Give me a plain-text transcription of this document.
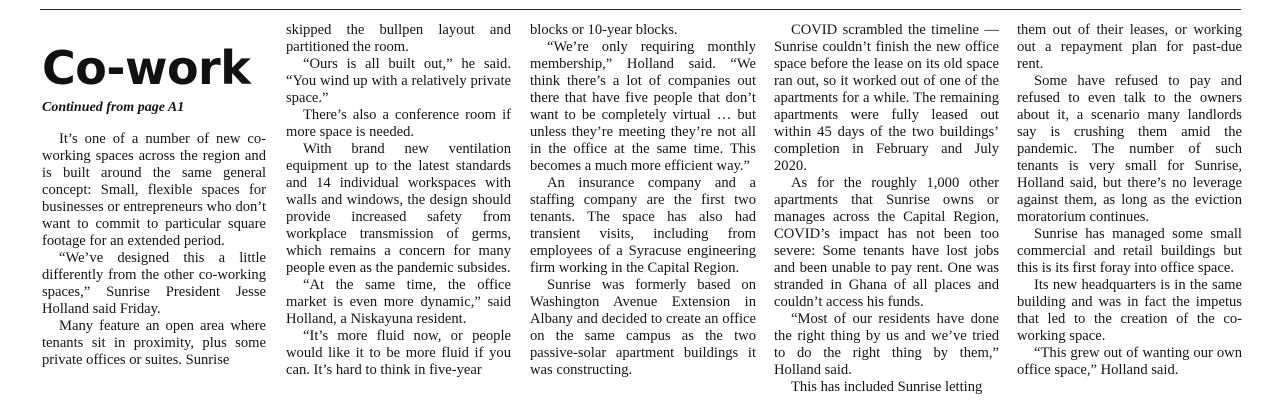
Co-work
Continued from page A1

It’s one of a number of new co-working spaces across the region and is built around the same general concept: Small, flexible spaces for businesses or entrepreneurs who don’t want to commit to particular square footage for an extended period.

“We’ve designed this a little differently from the other co-working spaces,” Sunrise President Jesse Holland said Friday.

Many feature an open area where tenants sit in proximity, plus some private offices or suites. Sunrise

skipped the bullpen layout and partitioned the room.

“Ours is all built out,” he said. “You wind up with a relatively private space.”

There’s also a conference room if more space is needed.

With brand new ventilation equipment up to the latest standards and 14 individual workspaces with walls and windows, the design should provide increased safety from workplace transmission of germs, which remains a concern for many people even as the pandemic subsides.

“At the same time, the office market is even more dynamic,” said Holland, a Niskayuna resident.

“It’s more fluid now, or people would like it to be more fluid if you can. It’s hard to think in five-year

blocks or 10-year blocks.

“We’re only requiring monthly membership,” Holland said. “We think there’s a lot of companies out there that have five people that don’t want to be completely virtual … but unless they’re meeting they’re not all in the office at the same time. This becomes a much more efficient way.”

An insurance company and a staffing company are the first two tenants. The space has also had transient visits, including from employees of a Syracuse engineering firm working in the Capital Region.

Sunrise was formerly based on Washington Avenue Extension in Albany and decided to create an office on the same campus as the two passive-solar apartment buildings it was constructing.

COVID scrambled the timeline — Sunrise couldn’t finish the new office space before the lease on its old space ran out, so it worked out of one of the apartments for a while. The remaining apartments were fully leased out within 45 days of the two buildings’ completion in February and July 2020.

As for the roughly 1,000 other apartments that Sunrise owns or manages across the Capital Region, COVID’s impact has not been too severe: Some tenants have lost jobs and been unable to pay rent. One was stranded in Ghana of all places and couldn’t access his funds.

“Most of our residents have done the right thing by us and we’ve tried to do the right thing by them,” Holland said.

This has included Sunrise letting

them out of their leases, or working out a repayment plan for past-due rent.

Some have refused to pay and refused to even talk to the owners about it, a scenario many landlords say is crushing them amid the pandemic. The number of such tenants is very small for Sunrise, Holland said, but there’s no leverage against them, as long as the eviction moratorium continues.

Sunrise has managed some small commercial and retail buildings but this is its first foray into office space.

Its new headquarters is in the same building and was in fact the impetus that led to the creation of the co-working space.

“This grew out of wanting our own office space,” Holland said.
